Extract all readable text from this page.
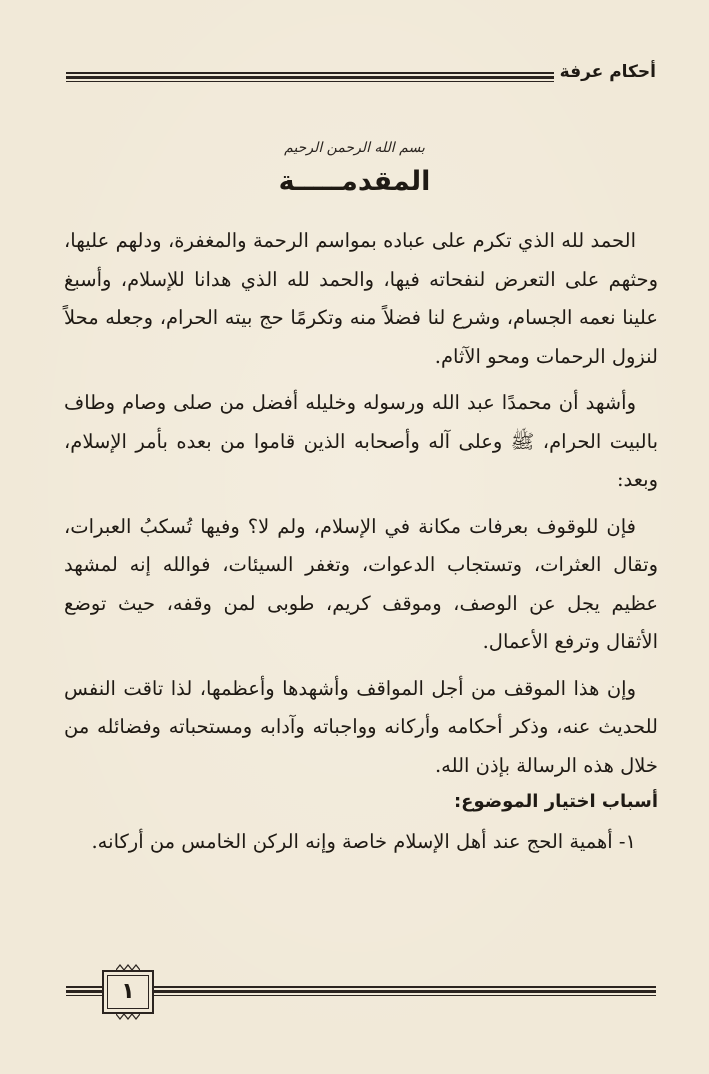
أحكام عرفة
بسم الله الرحمن الرحيم
المقدمـــــة

الحمد لله الذي تكرم على عباده بمواسم الرحمة والمغفرة، ودلهم عليها، وحثهم على التعرض لنفحاته فيها، والحمد لله الذي هدانا للإسلام، وأسبغ علينا نعمه الجسام، وشرع لنا فضلاً منه وتكرمًا حج بيته الحرام، وجعله محلاً لنزول الرحمات ومحو الآثام.

وأشهد أن محمدًا عبد الله ورسوله وخليله أفضل من صلى وصام وطاف بالبيت الحرام، ﷺ وعلى آله وأصحابه الذين قاموا من بعده بأمر الإسلام، وبعد:

فإن للوقوف بعرفات مكانة في الإسلام، ولم لا؟ وفيها تُسكبُ العبرات، وتقال العثرات، وتستجاب الدعوات، وتغفر السيئات، فوالله إنه لمشهد عظيم يجل عن الوصف، وموقف كريم، طوبى لمن وقفه، حيث توضع الأثقال وترفع الأعمال.

وإن هذا الموقف من أجل المواقف وأشهدها وأعظمها، لذا تاقت النفس للحديث عنه، وذكر أحكامه وأركانه وواجباته وآدابه ومستحباته وفضائله من خلال هذه الرسالة بإذن الله.

أسباب اختيار الموضوع:

١- أهمية الحج عند أهل الإسلام خاصة وإنه الركن الخامس من أركانه.

١
